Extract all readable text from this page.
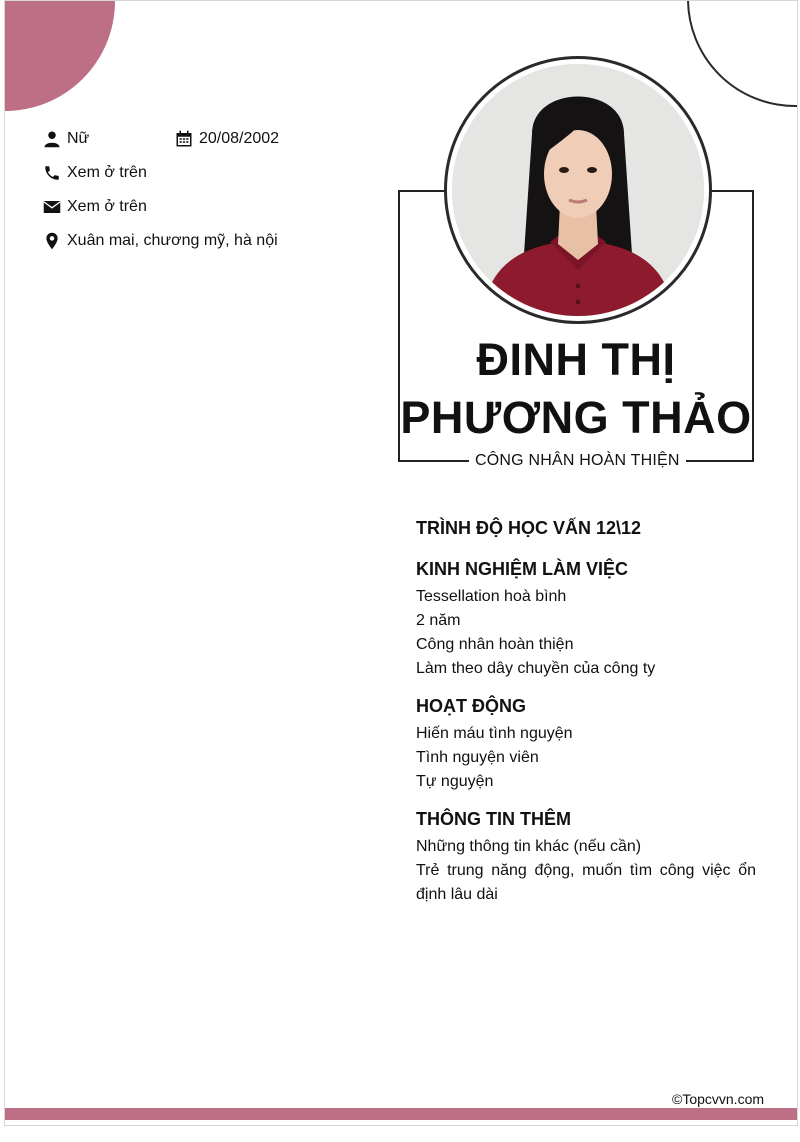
Nữ	20/08/2002
Xem ở trên
Xem ở trên
Xuân mai, chương mỹ, hà nội
ĐINH THỊ
PHƯƠNG THẢO
CÔNG NHÂN HOÀN THIỆN
TRÌNH ĐỘ HỌC VẤN 12\12
KINH NGHIỆM LÀM VIỆC
Tessellation hoà bình
2 năm
Công nhân hoàn thiện
Làm theo dây chuyền của công ty
HOẠT ĐỘNG
Hiến máu tình nguyện
Tình nguyện viên
Tự nguyện
THÔNG TIN THÊM
Những thông tin khác (nếu cần)
Trẻ trung năng động, muốn tìm công việc ổn định lâu dài
©Topcvvn.com
